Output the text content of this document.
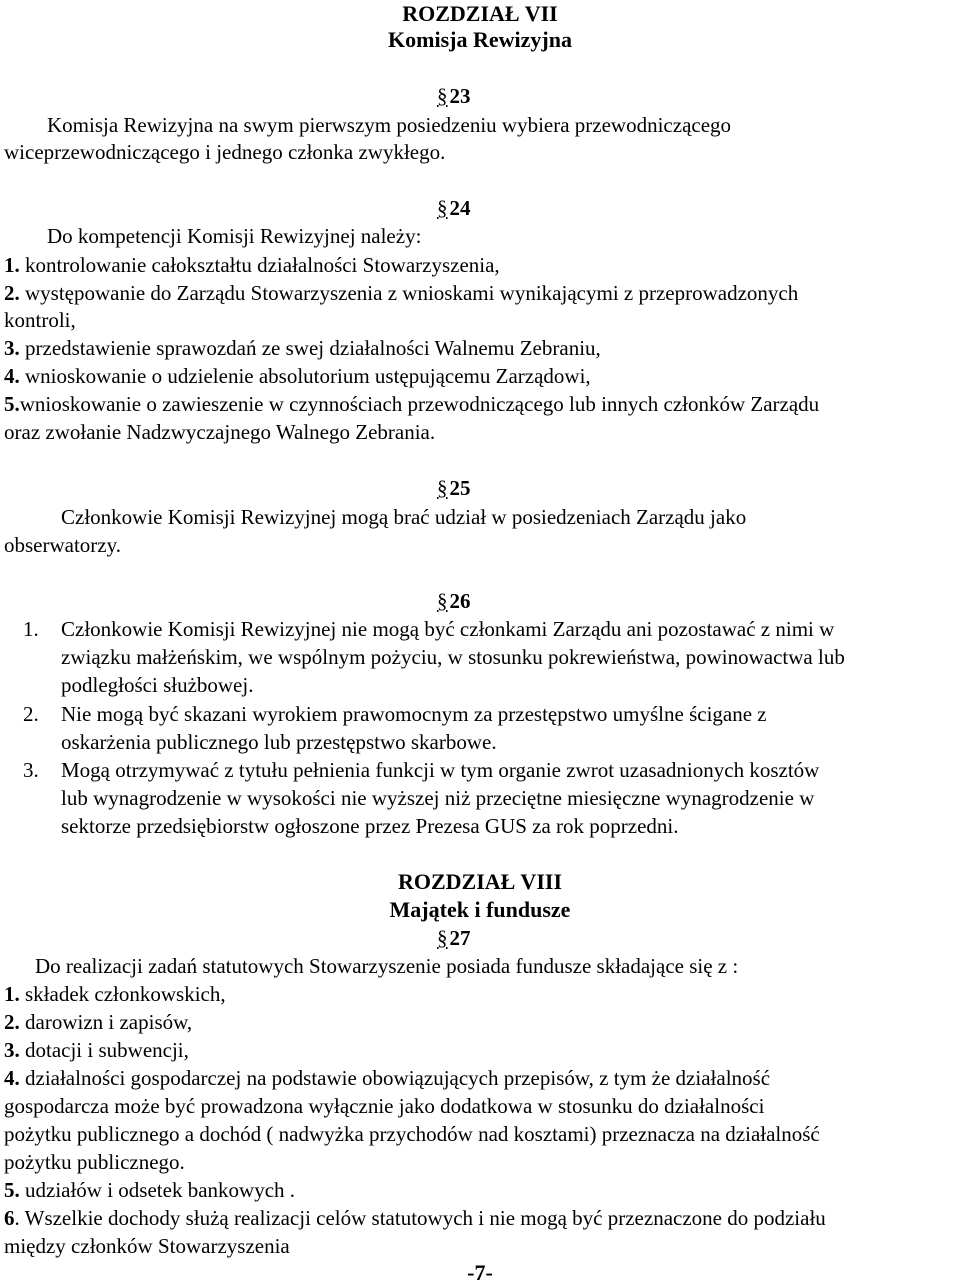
ROZDZIAŁ VII
Komisja Rewizyjna
§23
Komisja Rewizyjna na swym pierwszym posiedzeniu wybiera przewodniczącego
wiceprzewodniczącego i jednego członka zwykłego.
§24
Do kompetencji Komisji Rewizyjnej należy:
1. kontrolowanie całokształtu działalności Stowarzyszenia,
2. występowanie do Zarządu Stowarzyszenia z wnioskami wynikającymi z przeprowadzonych
kontroli,
3. przedstawienie sprawozdań ze swej działalności Walnemu Zebraniu,
4. wnioskowanie o udzielenie absolutorium ustępującemu Zarządowi,
5.wnioskowanie o zawieszenie w czynnościach przewodniczącego lub innych członków Zarządu
oraz zwołanie Nadzwyczajnego Walnego Zebrania.
§25
Członkowie Komisji Rewizyjnej mogą brać udział w posiedzeniach Zarządu jako
obserwatorzy.
§26
1. Członkowie Komisji Rewizyjnej nie mogą być członkami Zarządu ani pozostawać z nimi w
związku małżeńskim, we wspólnym pożyciu, w stosunku pokrewieństwa, powinowactwa lub
podległości służbowej.
2. Nie mogą być skazani wyrokiem prawomocnym za przestępstwo umyślne ścigane z
oskarżenia publicznego lub przestępstwo skarbowe.
3. Mogą otrzymywać z tytułu pełnienia funkcji w tym organie zwrot uzasadnionych kosztów
lub wynagrodzenie w wysokości nie wyższej niż przeciętne miesięczne wynagrodzenie w
sektorze przedsiębiorstw ogłoszone przez Prezesa GUS za rok poprzedni.
ROZDZIAŁ VIII
Majątek i fundusze
§27
Do realizacji zadań statutowych Stowarzyszenie posiada fundusze składające się z :
1. składek członkowskich,
2. darowizn i zapisów,
3. dotacji i subwencji,
4. działalności gospodarczej na podstawie obowiązujących przepisów, z tym że działalność
gospodarcza może być prowadzona wyłącznie jako dodatkowa w stosunku do działalności
pożytku publicznego a dochód ( nadwyżka przychodów nad kosztami) przeznacza na działalność
pożytku publicznego.
5. udziałów i odsetek bankowych .
6. Wszelkie dochody służą realizacji celów statutowych i nie mogą być przeznaczone do podziału
między członków Stowarzyszenia
-7-
